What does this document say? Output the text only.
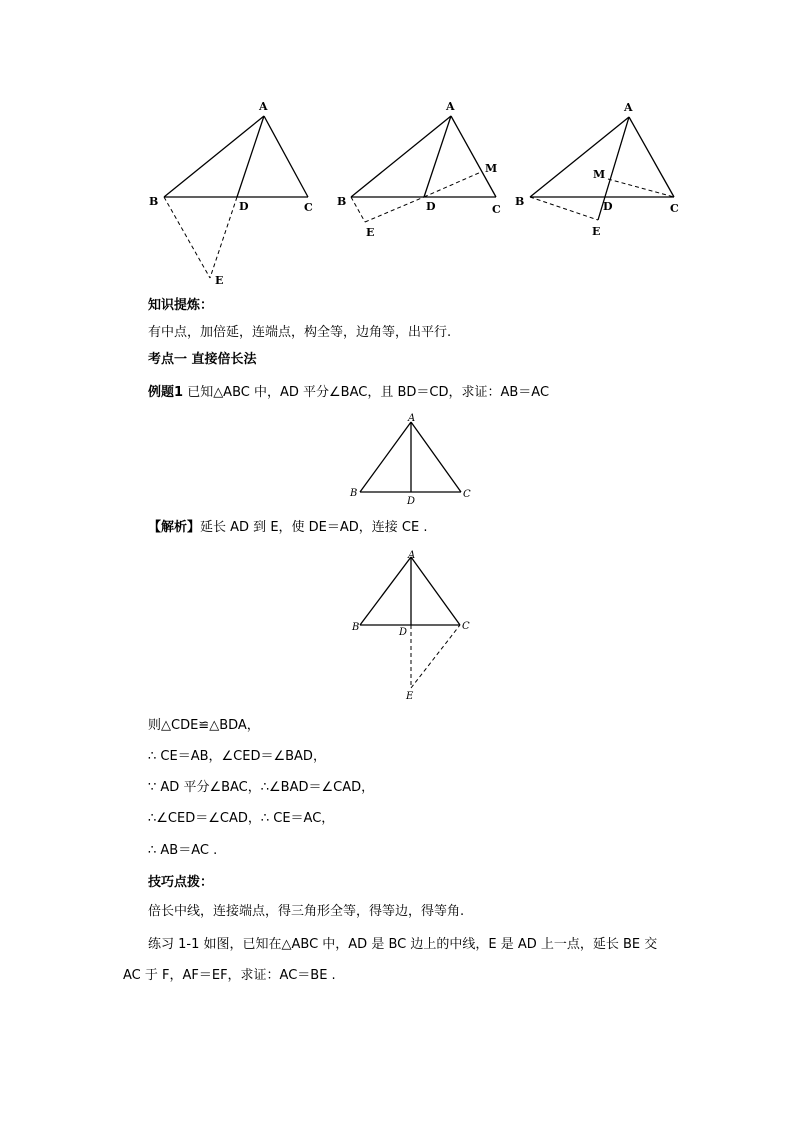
A
B	D	C
E
A
B	D	C
E
M
A
B	D	C
E
M
知识提炼：
有中点，加倍延，连端点，构全等，边角等，出平行.
考点一 直接倍长法
例题1 已知△ABC 中，AD 平分∠BAC，且 BD＝CD，求证：AB＝AC
A
B
D
C
【解析】延长 AD 到 E，使 DE＝AD，连接 CE .
A
B	D
C
E
则△CDE≌△BDA，
∴ CE＝AB，∠CED＝∠BAD，
∵ AD 平分∠BAC，∴∠BAD＝∠CAD，
∴∠CED＝∠CAD，∴ CE＝AC，
∴ AB＝AC .
技巧点拨：
倍长中线，连接端点，得三角形全等，得等边，得等角.
练习 1-1 如图，已知在△ABC 中，AD 是 BC 边上的中线，E 是 AD 上一点，延长 BE 交
AC 于 F，AF＝EF，求证：AC＝BE .
